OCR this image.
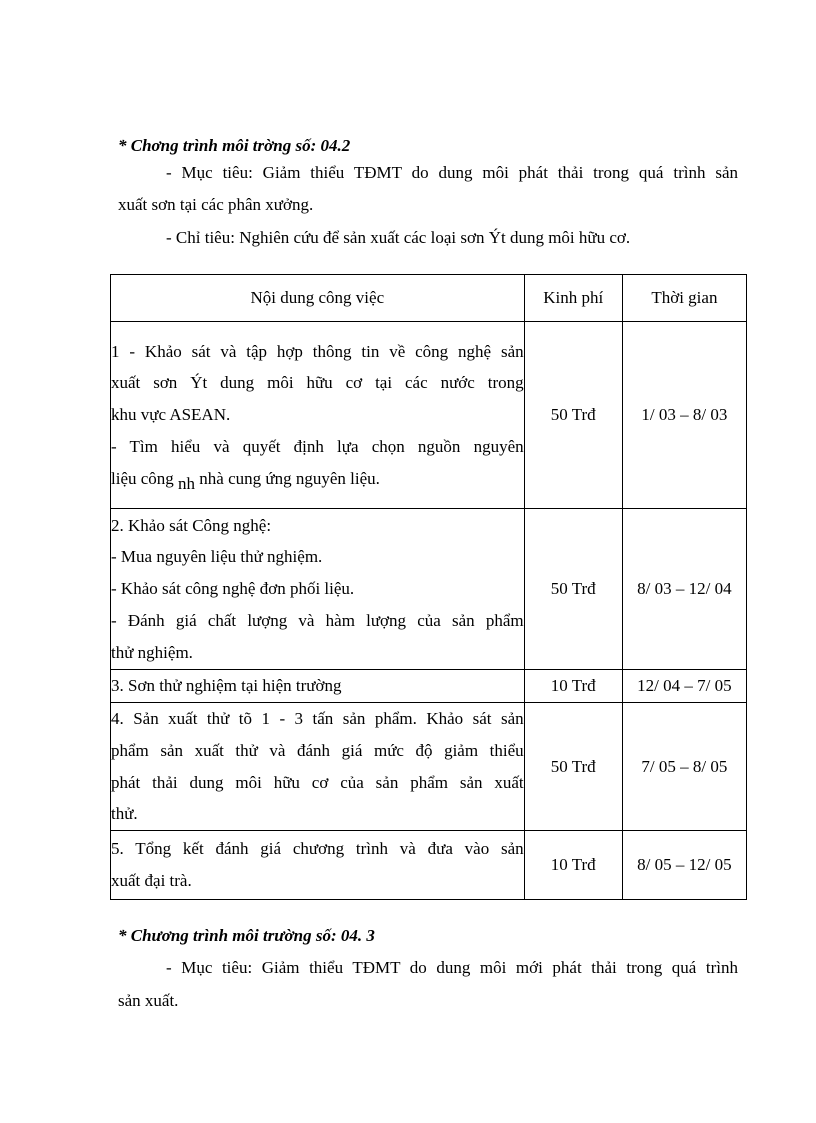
* Chơng trình môi trờng số: 04.2
- Mục tiêu: Giảm thiểu TĐMT do dung môi phát thải trong quá trình sản
xuất sơn tại các phân xưởng.
- Chỉ tiêu: Nghiên cứu để sản xuất các loại sơn Ýt dung môi hữu cơ.
Nội dung công việc	Kinh phí	Thời gian

1 - Khảo sát và tập hợp thông tin về công nghệ sản
xuất sơn Ýt dung môi hữu cơ tại các nước trong
khu vực ASEAN.
- Tìm hiểu và quyết định lựa chọn nguồn nguyên
liệu công nh nhà cung ứng nguyên liệu.	50 Trđ	1/ 03 – 8/ 03

2. Khảo sát Công nghệ:
- Mua nguyên liệu thử nghiệm.
- Khảo sát công nghệ đơn phối liệu.
- Đánh giá chất lượng và hàm lượng của sản phẩm
thử nghiệm.	50 Trđ	8/ 03 – 12/ 04

3. Sơn thử nghiệm tại hiện trường	10 Trđ	12/ 04 – 7/ 05

4. Sản xuất thử tõ 1 - 3 tấn sản phẩm. Khảo sát sản
phẩm sản xuất thử và đánh giá mức độ giảm thiểu
phát thải dung môi hữu cơ của sản phẩm sản xuất
thử.	50 Trđ	7/ 05 – 8/ 05

5. Tổng kết đánh giá chương trình và đưa vào sản
xuất đại trà.	10 Trđ	8/ 05 – 12/ 05
* Chương trình môi trường số: 04. 3
- Mục tiêu: Giảm thiểu TĐMT do dung môi mới phát thải trong quá trình
sản xuất.
